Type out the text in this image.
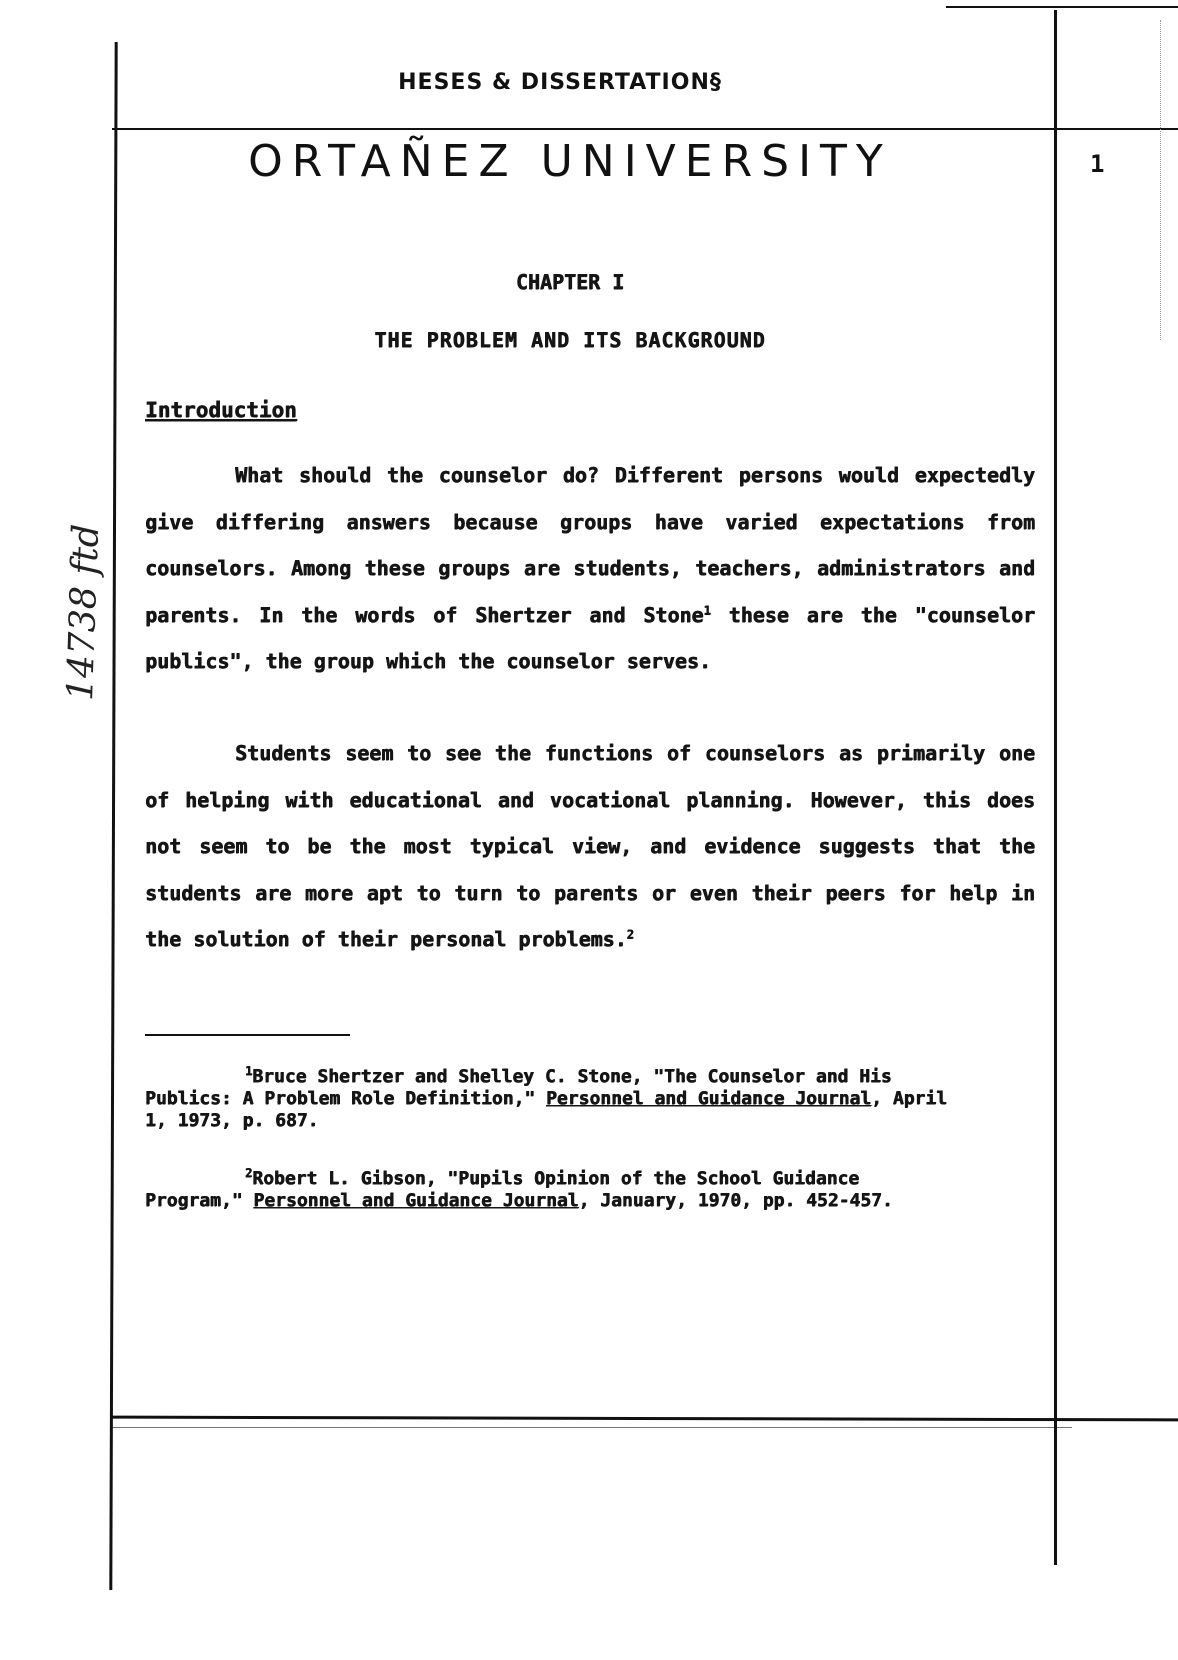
HESES & DISSERTATION§
ORTAÑEZ UNIVERSITY	1
CHAPTER I
THE PROBLEM AND ITS BACKGROUND
Introduction

What should the counselor do? Different persons would expectedly give differing answers because groups have varied expectations from counselors. Among these groups are students, teachers, administrators and parents. In the words of Shertzer and Stone$^1$ these are the "counselor publics", the group which the counselor serves.

Students seem to see the functions of counselors as primarily one of helping with educational and vocational planning. However, this does not seem to be the most typical view, and evidence suggests that the students are more apt to turn to parents or even their peers for help in the solution of their personal problems.$^2$

$^1$Bruce Shertzer and Shelley C. Stone, "The Counselor and His Publics: A Problem Role Definition," Personnel and Guidance Journal, April 1, 1973, p. 687.

$^2$Robert L. Gibson, "Pupils Opinion of the School Guidance Program," Personnel and Guidance Journal, January, 1970, pp. 452-457.

14738 ftd
